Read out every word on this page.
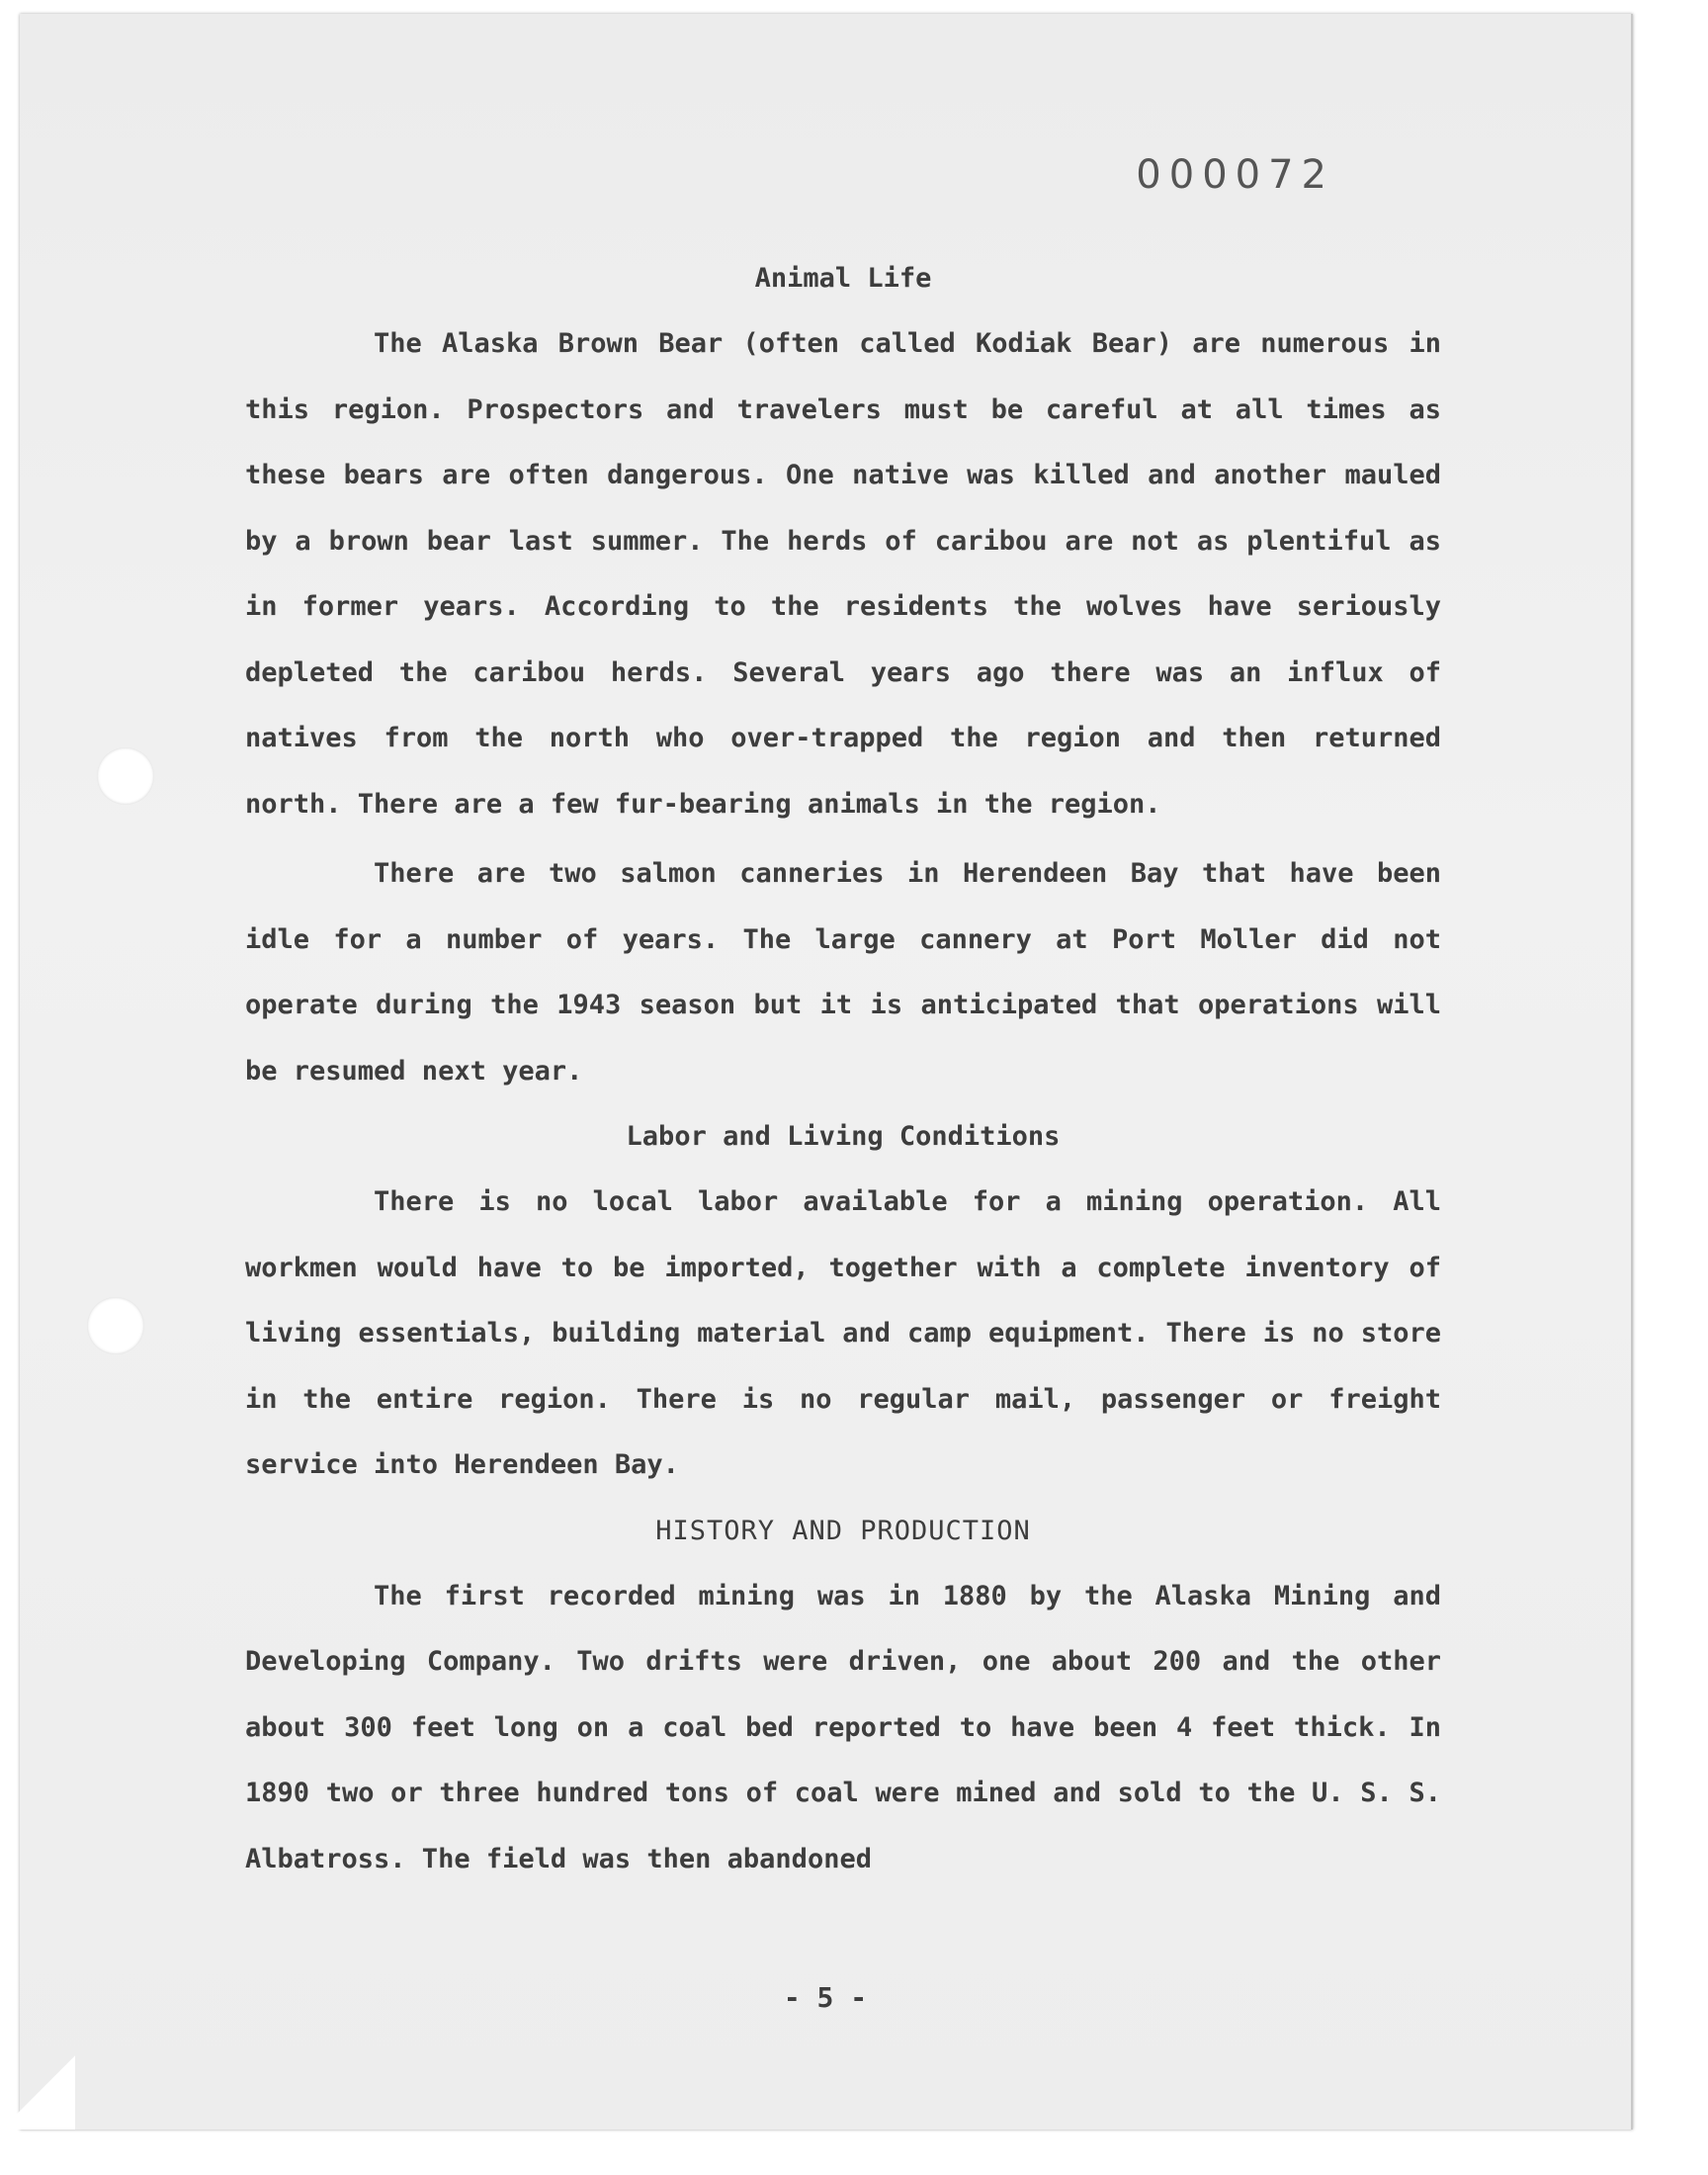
000072
Animal Life

The Alaska Brown Bear (often called Kodiak Bear) are numerous in this region. Prospectors and travelers must be careful at all times as these bears are often dangerous. One native was killed and another mauled by a brown bear last summer. The herds of caribou are not as plentiful as in former years. According to the residents the wolves have seriously depleted the caribou herds. Several years ago there was an influx of natives from the north who over-trapped the region and then returned north. There are a few fur-bearing animals in the region.

There are two salmon canneries in Herendeen Bay that have been idle for a number of years. The large cannery at Port Moller did not operate during the 1943 season but it is anticipated that operations will be resumed next year.

Labor and Living Conditions

There is no local labor available for a mining operation. All workmen would have to be imported, together with a complete inventory of living essentials, building material and camp equipment. There is no store in the entire region. There is no regular mail, passenger or freight service into Herendeen Bay.

HISTORY AND PRODUCTION

The first recorded mining was in 1880 by the Alaska Mining and Developing Company. Two drifts were driven, one about 200 and the other about 300 feet long on a coal bed reported to have been 4 feet thick. In 1890 two or three hundred tons of coal were mined and sold to the U. S. S. Albatross. The field was then abandoned

- 5 -
